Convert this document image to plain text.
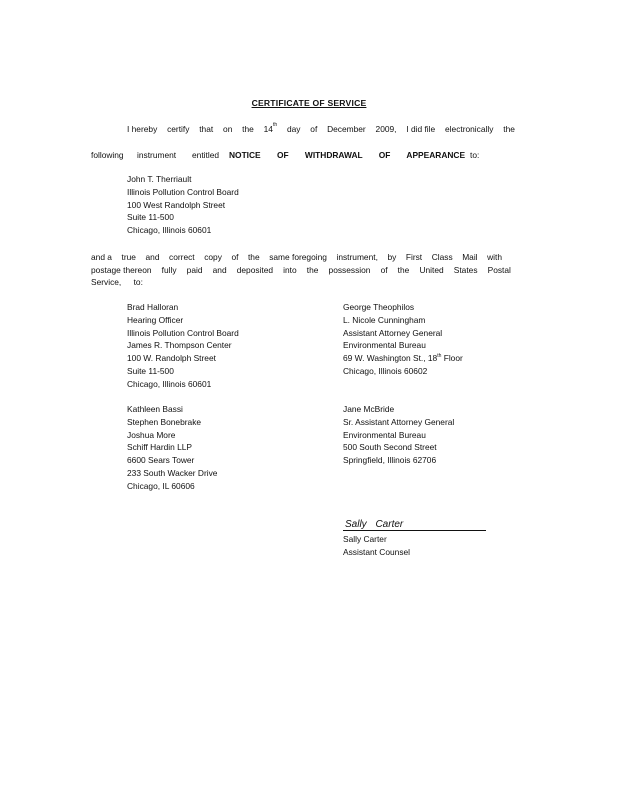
CERTIFICATE OF SERVICE
I hereby certify that on the 14th day of December 2009, I did file electronically the
following instrument entitled NOTICE OF WITHDRAWAL OF APPEARANCE to:
John T. Therriault
Illinois Pollution Control Board
100 West Randolph Street
Suite 11-500
Chicago, Illinois 60601
and a true and correct copy of the same foregoing instrument, by First Class Mail with
postage thereon fully paid and deposited into the possession of the United States Postal
Service, to:
Brad Halloran
Hearing Officer
Illinois Pollution Control Board
James R. Thompson Center
100 W. Randolph Street
Suite 11-500
Chicago, Illinois 60601
George Theophilos
L. Nicole Cunningham
Assistant Attorney General
Environmental Bureau
69 W. Washington St., 18th Floor
Chicago, Illinois 60602
Kathleen Bassi
Stephen Bonebrake
Joshua More
Schiff Hardin LLP
6600 Sears Tower
233 South Wacker Drive
Chicago, IL 60606
Jane McBride
Sr. Assistant Attorney General
Environmental Bureau
500 South Second Street
Springfield, Illinois 62706
Sally Carter
Sally Carter
Assistant Counsel
